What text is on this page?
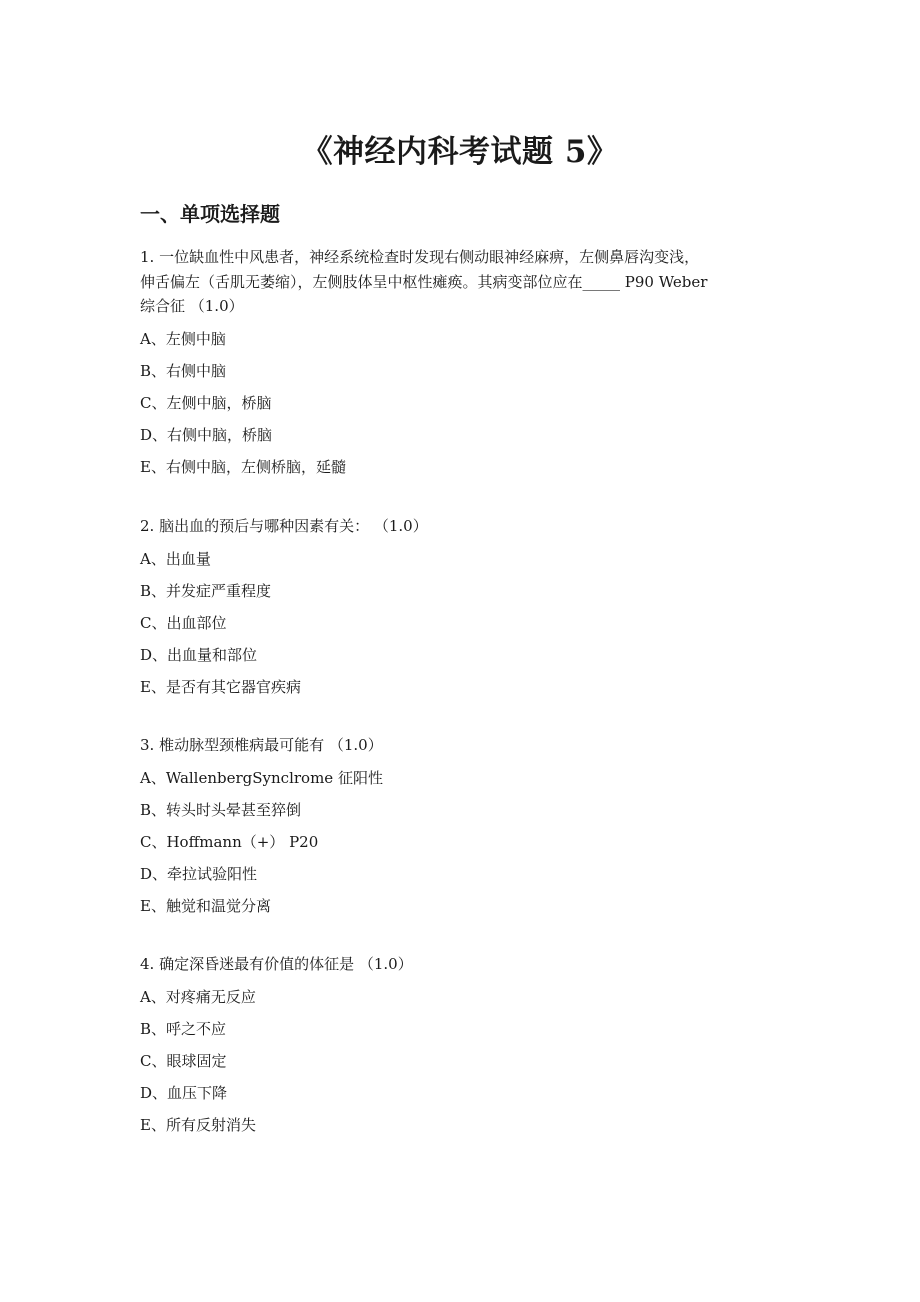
《神经内科考试题 5》
一、单项选择题
1. 一位缺血性中风患者，神经系统检查时发现右侧动眼神经麻痹，左侧鼻唇沟变浅，
伸舌偏左（舌肌无萎缩），左侧肢体呈中枢性瘫痪。其病变部位应在_____ P90 Weber
综合征 （1.0）
A、左侧中脑
B、右侧中脑
C、左侧中脑，桥脑
D、右侧中脑，桥脑
E、右侧中脑，左侧桥脑，延髓
2. 脑出血的预后与哪种因素有关： （1.0）
A、出血量
B、并发症严重程度
C、出血部位
D、出血量和部位
E、是否有其它器官疾病
3. 椎动脉型颈椎病最可能有 （1.0）
A、WallenbergSynclrome 征阳性
B、转头时头晕甚至猝倒
C、Hoffmann（+） P20
D、牵拉试验阳性
E、触觉和温觉分离
4. 确定深昏迷最有价值的体征是 （1.0）
A、对疼痛无反应
B、呼之不应
C、眼球固定
D、血压下降
E、所有反射消失
